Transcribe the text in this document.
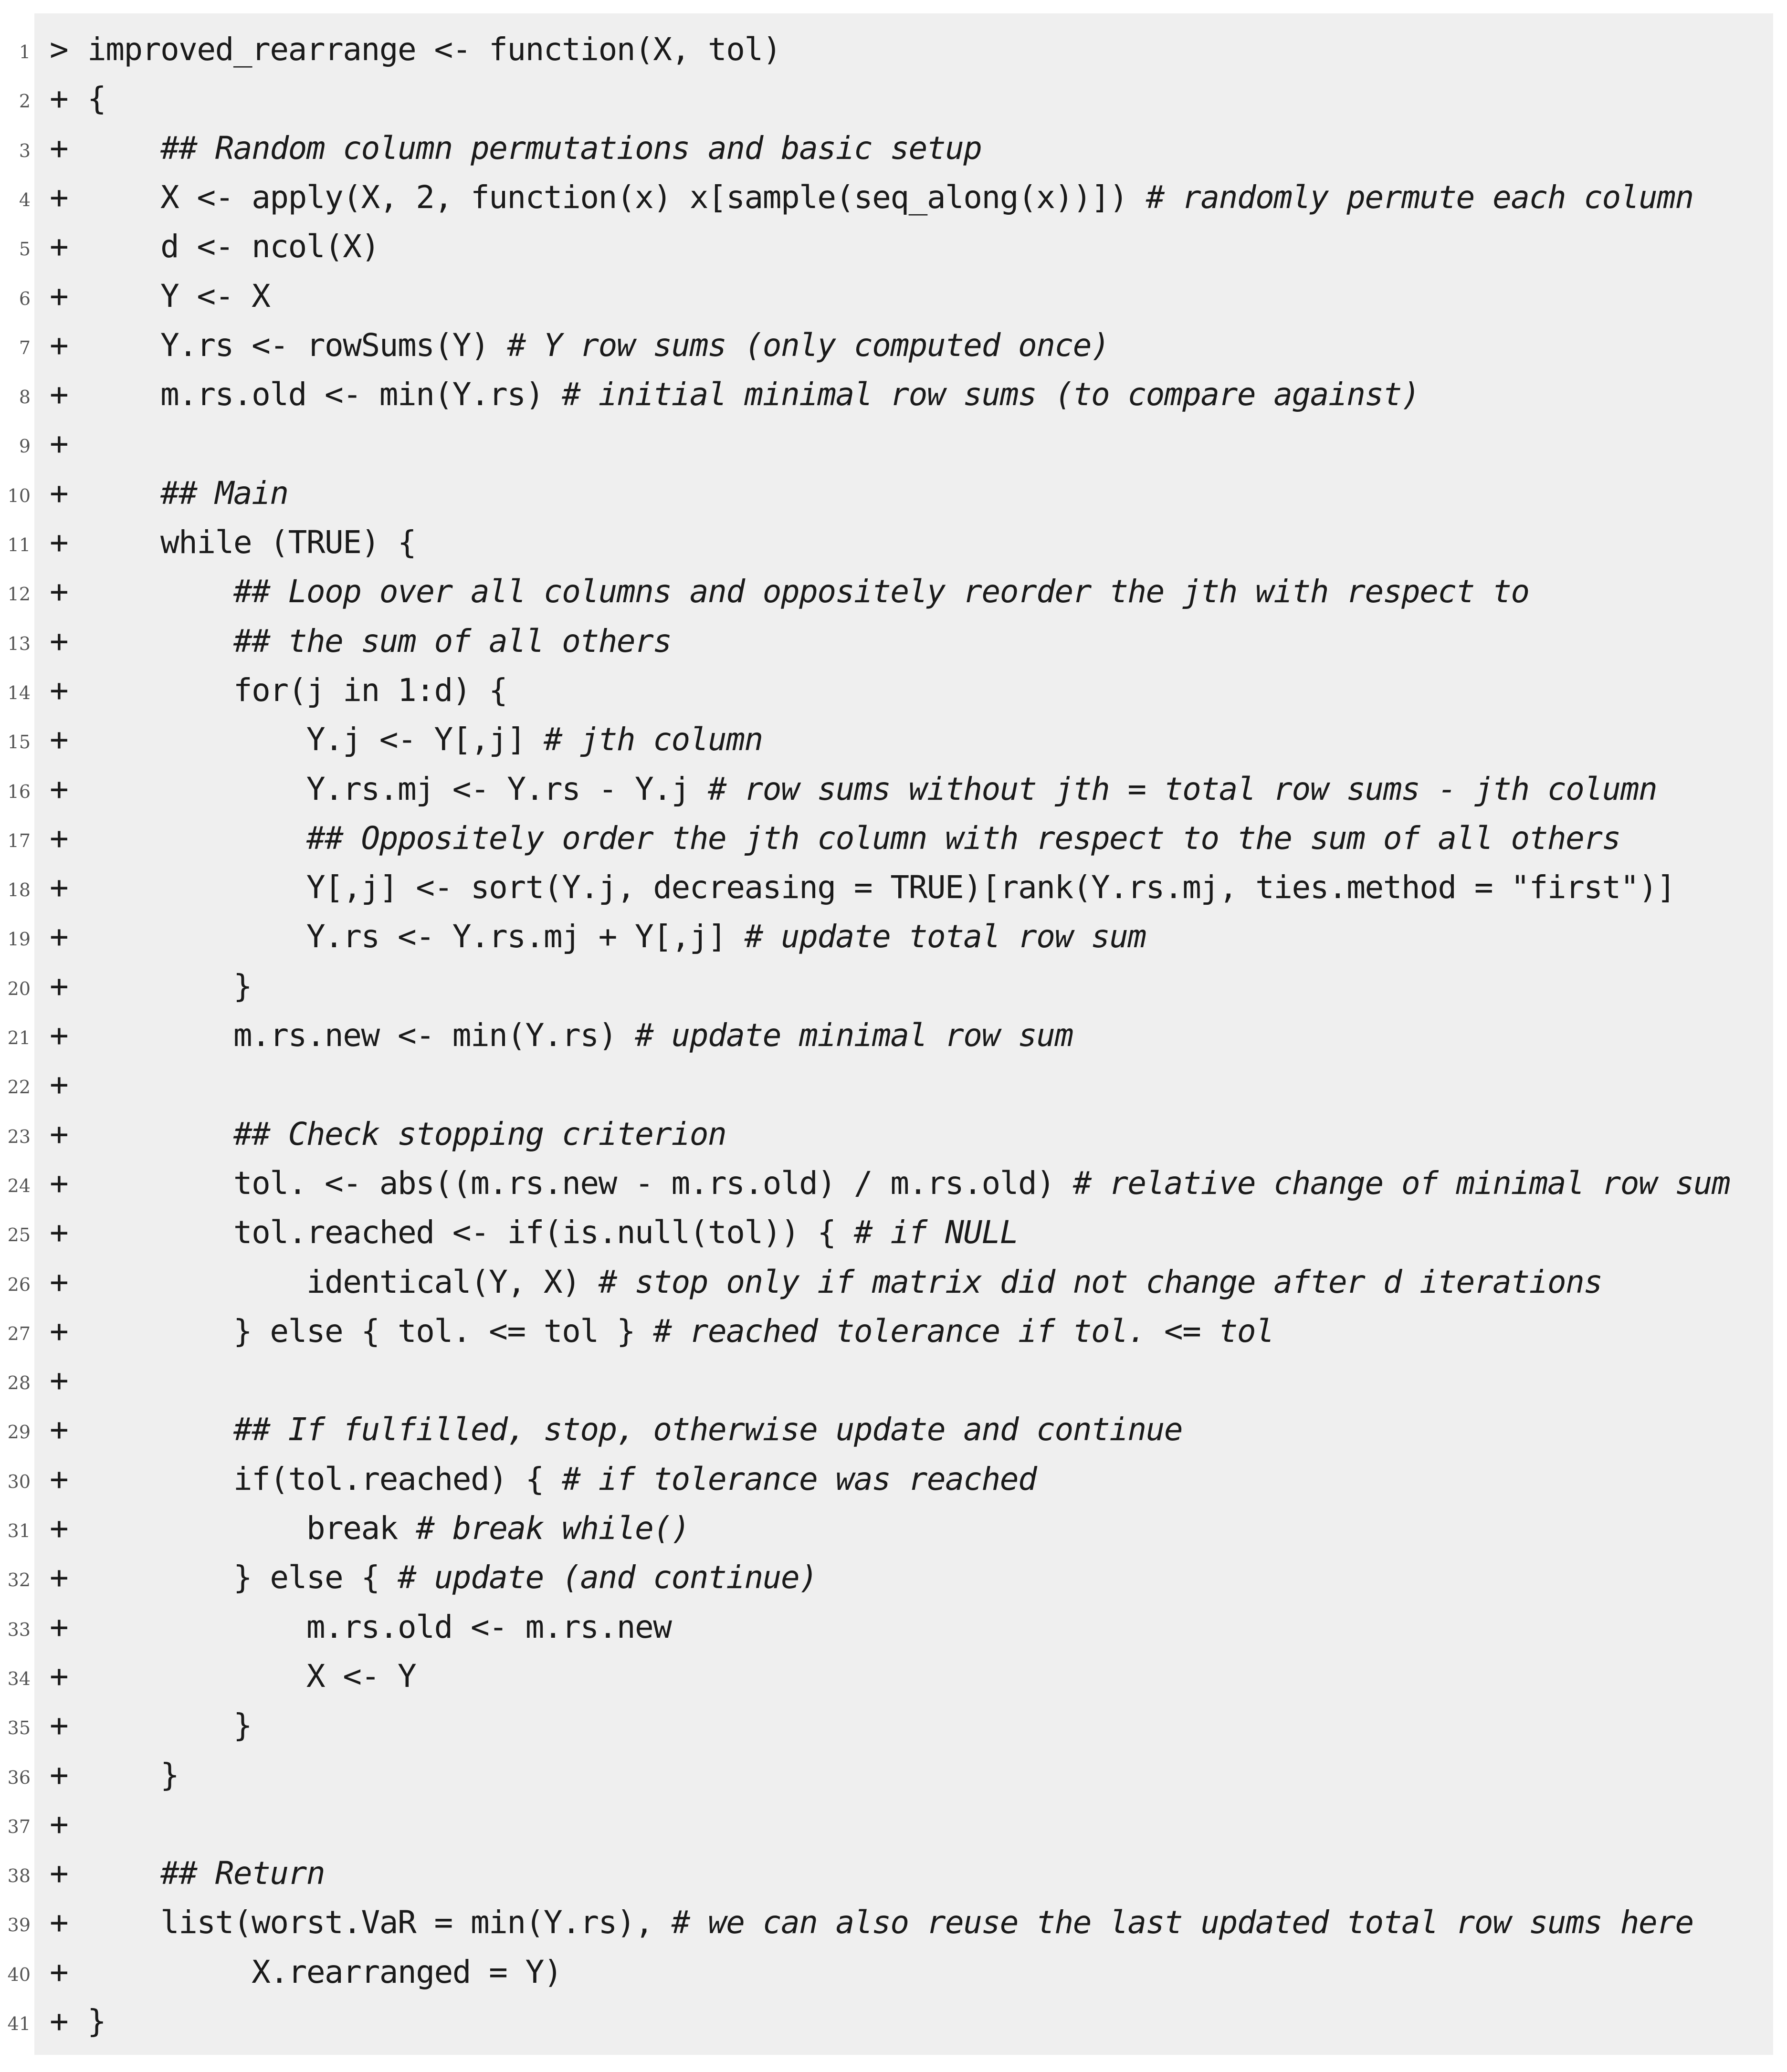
1 > improved_rearrange <- function(X, tol)
2 + {
3 +	## Random column permutations and basic setup
4 + X <- apply(X, 2, function(x) x[sample(seq_along(x))]) # randomly permute each column
5 + d <- ncol(X)
6 + Y <- X
7 + Y.rs <- rowSums(Y) # Y row sums (only computed once)
8 + m.rs.old <- min(Y.rs) # initial minimal row sums (to compare against)
9 +
10 +	## Main
11 + while (TRUE) {
12 +	## Loop over all columns and oppositely reorder the jth with respect to
13 +	## the sum of all others
14 + for(j in 1:d) {
15 + Y.j <- Y[,j] # jth column
16 + Y.rs.mj <- Y.rs - Y.j # row sums without jth = total row sums - jth column
17 +	## Oppositely order the jth column with respect to the sum of all others
18 + Y[,j] <- sort(Y.j, decreasing = TRUE)[rank(Y.rs.mj, ties.method = "first")]
19 + Y.rs <- Y.rs.mj + Y[,j] # update total row sum
20 + }
21 + m.rs.new <- min(Y.rs) # update minimal row sum
22 +
23 +	## Check stopping criterion
24 + tol. <- abs((m.rs.new - m.rs.old) / m.rs.old) # relative change of minimal row sum
25 + tol.reached <- if(is.null(tol)) { # if NULL
26 + identical(Y, X) # stop only if matrix did not change after d iterations
27 + } else { tol. <= tol } # reached tolerance if tol. <= tol
28 +
29 +	## If fulfilled, stop, otherwise update and continue
30 + if(tol.reached) { # if tolerance was reached
31 + break # break while()
32 + } else { # update (and continue)
33 + m.rs.old <- m.rs.new
34 + X <- Y
35 + }
36 + }
37 +
38 +	## Return
39 + list(worst.VaR = min(Y.rs), # we can also reuse the last updated total row sums here
40 + X.rearranged = Y)
41 + }
